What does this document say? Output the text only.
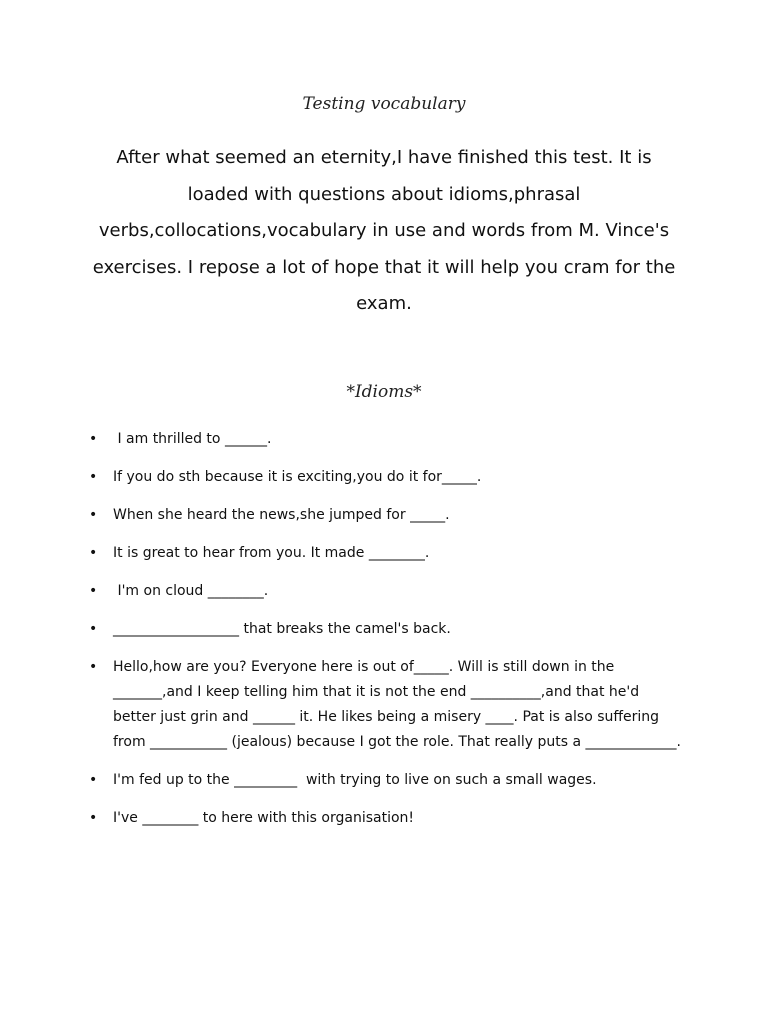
Testing vocabulary
After what seemed an eternity,I have finished this test. It is loaded with questions about idioms,phrasal verbs,collocations,vocabulary in use and words from M. Vince's exercises. I repose a lot of hope that it will help you cram for the exam.
*Idioms*
• I am thrilled to ______.
• If you do sth because it is exciting,you do it for_____.
• When she heard the news,she jumped for _____.
• It is great to hear from you. It made ________.
• I'm on cloud ________.
• __________________ that breaks the camel's back.
• Hello,how are you? Everyone here is out of_____. Will is still down in the _______,and I keep telling him that it is not the end __________,and that he'd better just grin and ______ it. He likes being a misery ____. Pat is also suffering from ___________ (jealous) because I got the role. That really puts a _____________.
• I'm fed up to the _________  with trying to live on such a small wages.
• I've ________ to here with this organisation!
